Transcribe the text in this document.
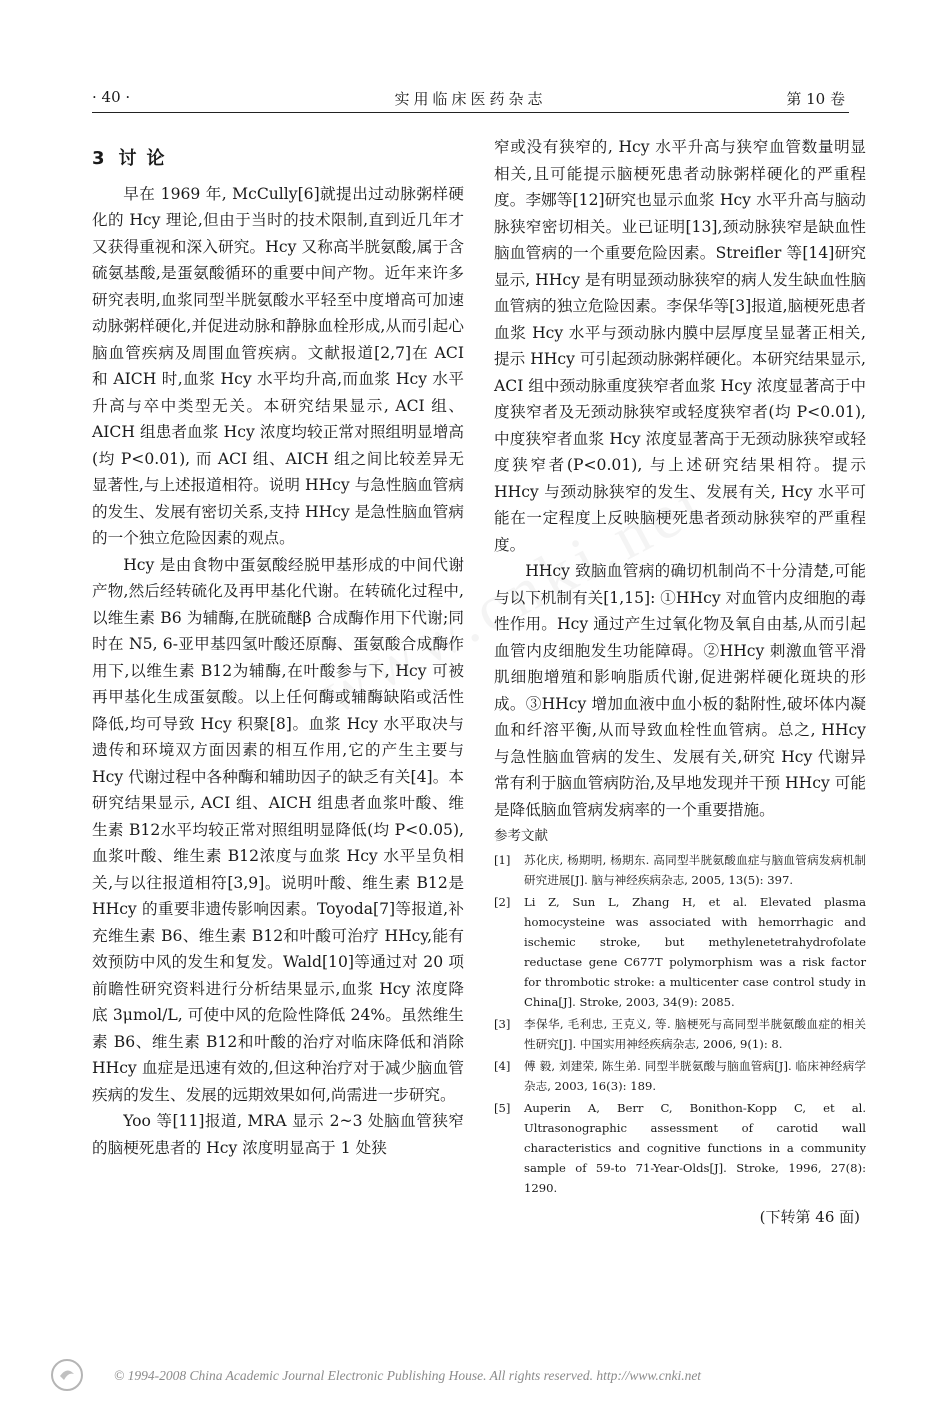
· 40 ·	实用临床医药杂志	第 10 卷
3 讨论

早在 1969 年, McCully[6]就提出过动脉粥样硬化的 Hcy 理论,但由于当时的技术限制,直到近几年才又获得重视和深入研究。Hcy 又称高半胱氨酸,属于含硫氨基酸,是蛋氨酸循环的重要中间产物。近年来许多研究表明,血浆同型半胱氨酸水平轻至中度增高可加速动脉粥样硬化,并促进动脉和静脉血栓形成,从而引起心脑血管疾病及周围血管疾病。文献报道[2,7]在 ACI 和 AICH 时,血浆 Hcy 水平均升高,而血浆 Hcy 水平升高与卒中类型无关。本研究结果显示, ACI 组、AICH 组患者血浆 Hcy 浓度均较正常对照组明显增高(均 P<0.01), 而 ACI 组、AICH 组之间比较差异无显著性,与上述报道相符。说明 HHcy 与急性脑血管病的发生、发展有密切关系,支持 HHcy 是急性脑血管病的一个独立危险因素的观点。

Hcy 是由食物中蛋氨酸经脱甲基形成的中间代谢产物,然后经转硫化及再甲基化代谢。在转硫化过程中,以维生素 B6 为辅酶,在胱硫醚β 合成酶作用下代谢;同时在 N5, 6-亚甲基四氢叶酸还原酶、蛋氨酸合成酶作用下,以维生素 B12为辅酶,在叶酸参与下, Hcy 可被再甲基化生成蛋氨酸。以上任何酶或辅酶缺陷或活性降低,均可导致 Hcy 积聚[8]。血浆 Hcy 水平取决与遗传和环境双方面因素的相互作用,它的产生主要与 Hcy 代谢过程中各种酶和辅助因子的缺乏有关[4]。本研究结果显示, ACI 组、AICH 组患者血浆叶酸、维生素 B12水平均较正常对照组明显降低(均 P<0.05), 血浆叶酸、维生素 B12浓度与血浆 Hcy 水平呈负相关,与以往报道相符[3,9]。说明叶酸、维生素 B12是 HHcy 的重要非遗传影响因素。Toyoda[7]等报道,补充维生素 B6、维生素 B12和叶酸可治疗 HHcy,能有效预防中风的发生和复发。Wald[10]等通过对 20 项前瞻性研究资料进行分析结果显示,血浆 Hcy 浓度降底 3μmol/L, 可使中风的危险性降低 24%。虽然维生素 B6、维生素 B12和叶酸的治疗对临床降低和消除 HHcy 血症是迅速有效的,但这种治疗对于减少脑血管疾病的发生、发展的远期效果如何,尚需进一步研究。

Yoo 等[11]报道, MRA 显示 2~3 处脑血管狭窄的脑梗死患者的 Hcy 浓度明显高于 1 处狭

窄或没有狭窄的, Hcy 水平升高与狭窄血管数量明显相关,且可能提示脑梗死患者动脉粥样硬化的严重程度。李娜等[12]研究也显示血浆 Hcy 水平升高与脑动脉狭窄密切相关。业已证明[13],颈动脉狭窄是缺血性脑血管病的一个重要危险因素。Streifler 等[14]研究显示, HHcy 是有明显颈动脉狭窄的病人发生缺血性脑血管病的独立危险因素。李保华等[3]报道,脑梗死患者血浆 Hcy 水平与颈动脉内膜中层厚度呈显著正相关,提示 HHcy 可引起颈动脉粥样硬化。本研究结果显示, ACI 组中颈动脉重度狭窄者血浆 Hcy 浓度显著高于中度狭窄者及无颈动脉狭窄或轻度狭窄者(均 P<0.01), 中度狭窄者血浆 Hcy 浓度显著高于无颈动脉狭窄或轻度狭窄者(P<0.01), 与上述研究结果相符。提示 HHcy 与颈动脉狭窄的发生、发展有关, Hcy 水平可能在一定程度上反映脑梗死患者颈动脉狭窄的严重程度。

HHcy 致脑血管病的确切机制尚不十分清楚,可能与以下机制有关[1,15]: ①HHcy 对血管内皮细胞的毒性作用。Hcy 通过产生过氧化物及氧自由基,从而引起血管内皮细胞发生功能障碍。②HHcy 刺激血管平滑肌细胞增殖和影响脂质代谢,促进粥样硬化斑块的形成。③HHcy 增加血液中血小板的黏附性,破坏体内凝血和纤溶平衡,从而导致血栓性血管病。总之, HHcy 与急性脑血管病的发生、发展有关,研究 Hcy 代谢异常有利于脑血管病防治,及早地发现并干预 HHcy 可能是降低脑血管病发病率的一个重要措施。

参考文献

[1] 苏化庆, 杨期明, 杨期东. 高同型半胱氨酸血症与脑血管病发病机制研究进展[J]. 脑与神经疾病杂志, 2005, 13(5): 397.
[2] Li Z, Sun L, Zhang H, et al. Elevated plasma homocysteine was associated with hemorrhagic and ischemic stroke, but methylenetetrahydrofolate reductase gene C677T polymorphism was a risk factor for thrombotic stroke: a multicenter case control study in China[J]. Stroke, 2003, 34(9): 2085.
[3] 李保华, 毛利忠, 王克义, 等. 脑梗死与高同型半胱氨酸血症的相关性研究[J]. 中国实用神经疾病杂志, 2006, 9(1): 8.
[4] 傅 毅, 刘建荣, 陈生弟. 同型半胱氨酸与脑血管病[J]. 临床神经病学杂志, 2003, 16(3): 189.
[5] Auperin A, Berr C, Bonithon-Kopp C, et al. Ultrasonographic assessment of carotid wall characteristics and cognitive functions in a community sample of 59-to 71-Year-Olds[J]. Stroke, 1996, 27(8): 1290.
(下转第 46 面)
© 1994-2008 China Academic Journal Electronic Publishing House. All rights reserved. http://www.cnki.net
